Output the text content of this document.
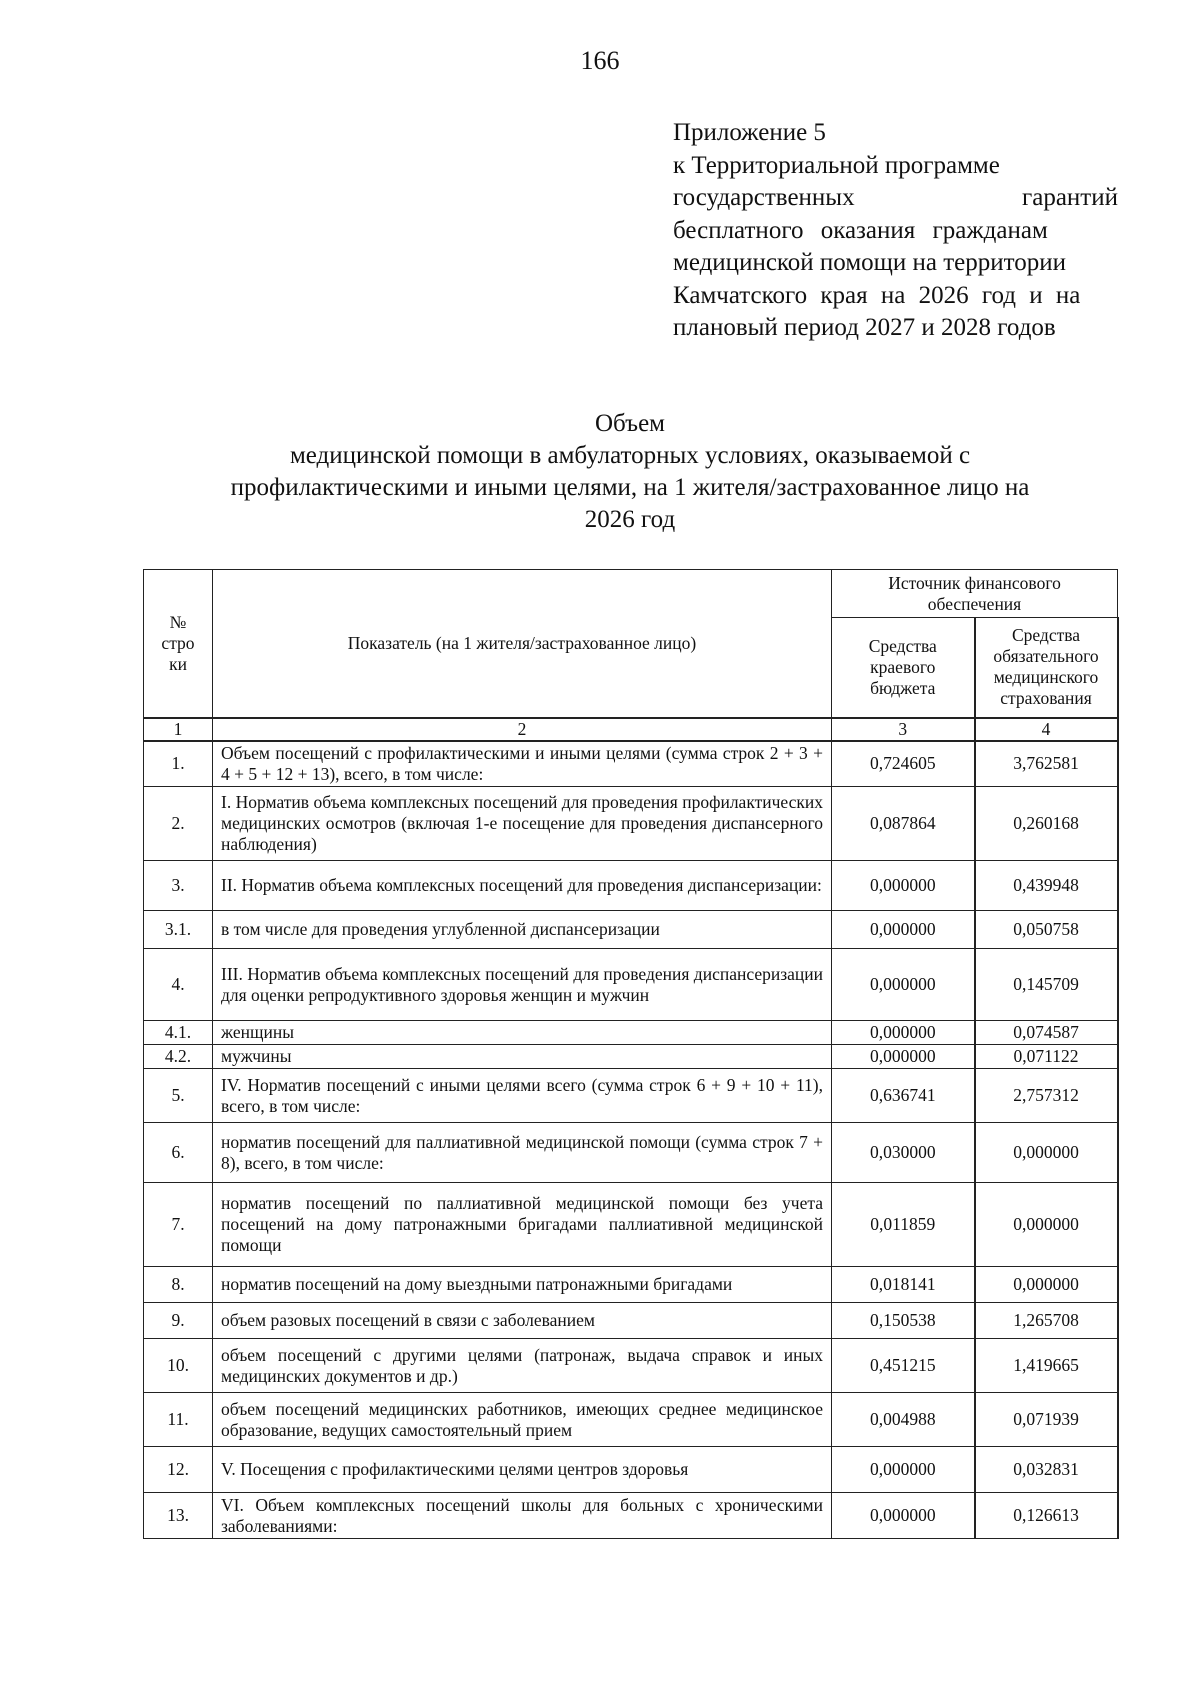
166
Приложение 5
к Территориальной программе
государственных	гарантий
бесплатного оказания гражданам
медицинской помощи на территории
Камчатского края на 2026 год и на
плановый период 2027 и 2028 годов
Объем
медицинской помощи в амбулаторных условиях, оказываемой с
профилактическими и иными целями, на 1 жителя/застрахованное лицо на
2026 год
№ стро ки	Показатель (на 1 жителя/застрахованное лицо)	Источник финансового обеспечения	
		Средства краевого бюджета	Средства обязательного медицинского страхования
1	2	3	4
1.	Объем посещений с профилактическими и иными целями (сумма строк 2 + 3 + 4 + 5 + 12 + 13), всего, в том числе:	0,724605	3,762581
2.	I. Норматив объема комплексных посещений для проведения профилактических медицинских осмотров (включая 1-е посещение для проведения диспансерного наблюдения)	0,087864	0,260168
3.	II. Норматив объема комплексных посещений для проведения диспансеризации:	0,000000	0,439948
3.1.	в том числе для проведения углубленной диспансеризации	0,000000	0,050758
4.	III. Норматив объема комплексных посещений для проведения диспансеризации для оценки репродуктивного здоровья женщин и мужчин	0,000000	0,145709
4.1.	женщины	0,000000	0,074587
4.2.	мужчины	0,000000	0,071122
5.	IV. Норматив посещений с иными целями всего (сумма строк 6 + 9 + 10 + 11), всего, в том числе:	0,636741	2,757312
6.	норматив посещений для паллиативной медицинской помощи (сумма строк 7 + 8), всего, в том числе:	0,030000	0,000000
7.	норматив посещений по паллиативной медицинской помощи без учета посещений на дому патронажными бригадами паллиативной медицинской помощи	0,011859	0,000000
8.	норматив посещений на дому выездными патронажными бригадами	0,018141	0,000000
9.	объем разовых посещений в связи с заболеванием	0,150538	1,265708
10.	объем посещений с другими целями (патронаж, выдача справок и иных медицинских документов и др.)	0,451215	1,419665
11.	объем посещений медицинских работников, имеющих среднее медицинское образование, ведущих самостоятельный прием	0,004988	0,071939
12.	V. Посещения с профилактическими целями центров здоровья	0,000000	0,032831
13.	VI. Объем комплексных посещений школы для больных с хроническими заболеваниями:	0,000000	0,126613
